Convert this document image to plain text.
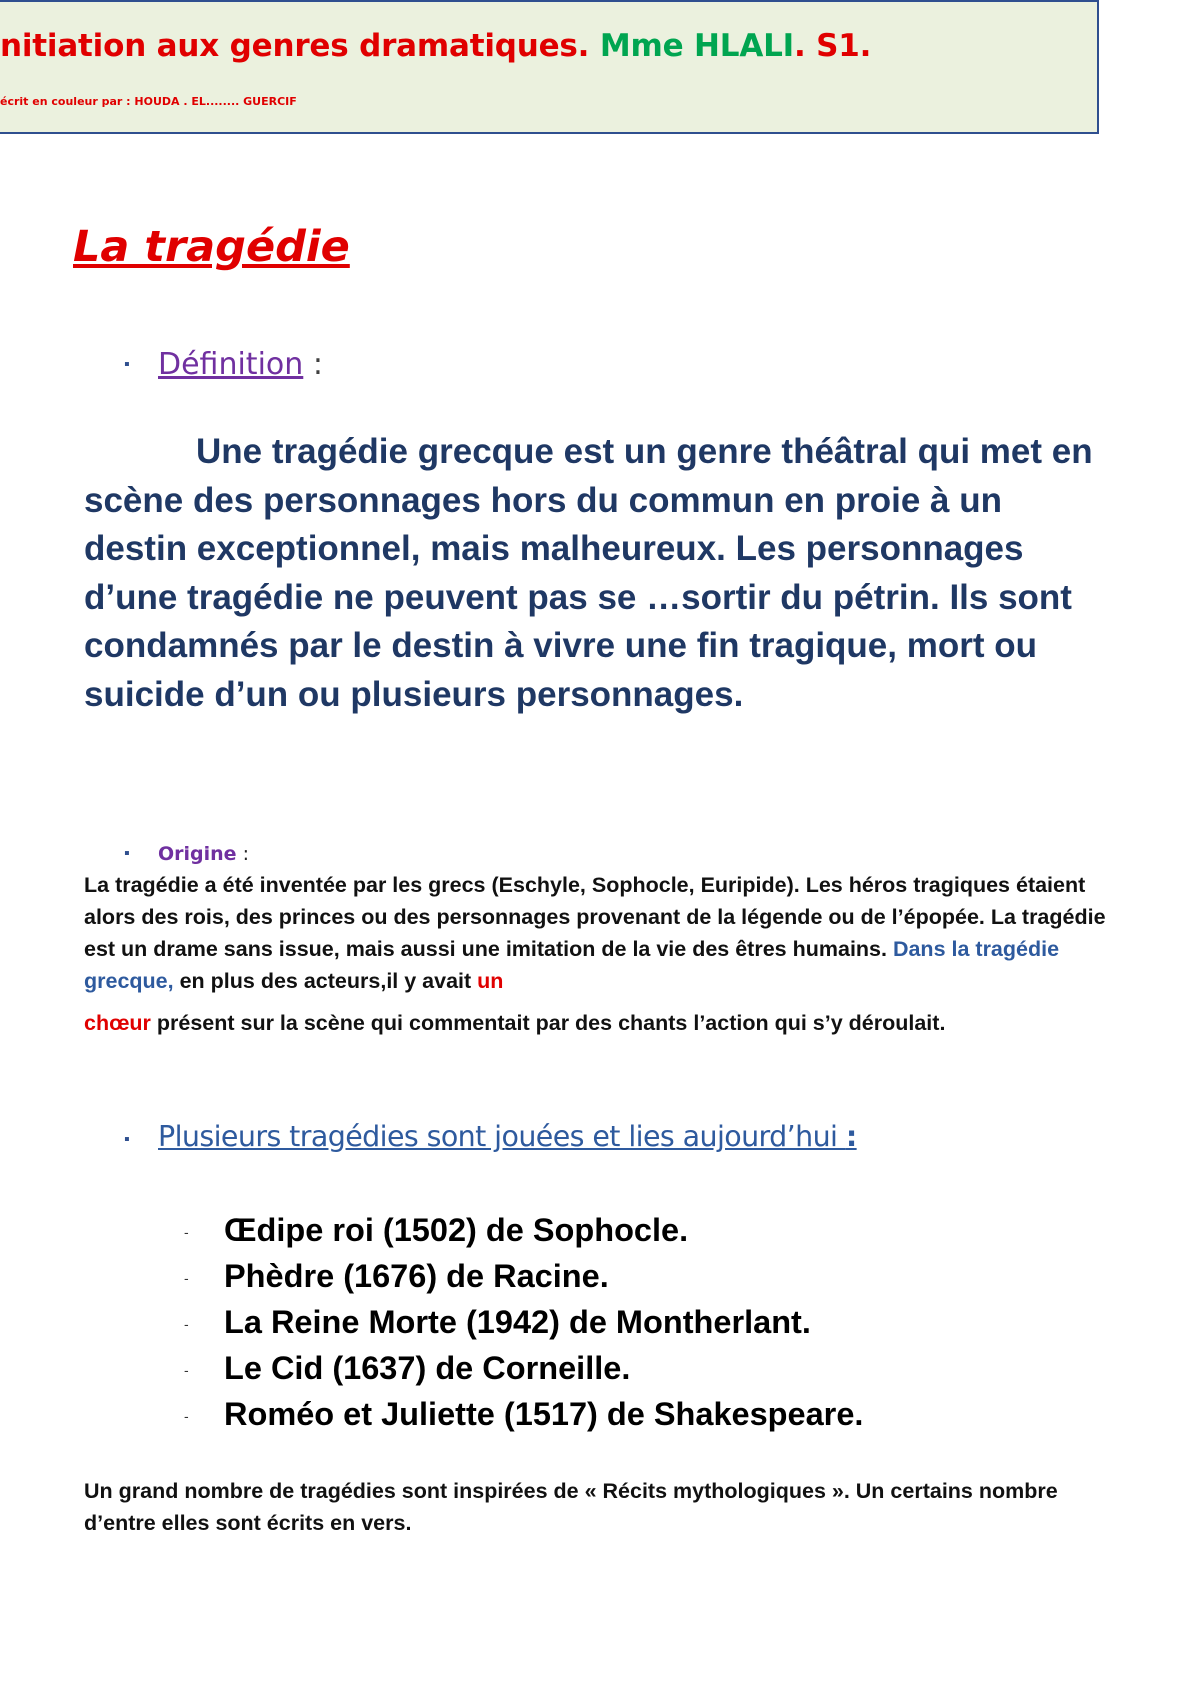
nitiation aux genres dramatiques. Mme HLALI. S1.
écrit en couleur par : HOUDA . EL........ GUERCIF
La tragédie
▪ Définition :
Une tragédie grecque est un genre théâtral qui met en scène des personnages hors du commun en proie à un destin exceptionnel, mais malheureux. Les personnages d’une tragédie ne peuvent pas se …sortir du pétrin. Ils sont condamnés par le destin à vivre une fin tragique, mort ou suicide d’un ou plusieurs personnages.
▪ Origine :
La tragédie a été inventée par les grecs (Eschyle, Sophocle, Euripide). Les héros tragiques étaient alors des rois, des princes ou des personnages provenant de la légende ou de l’épopée. La tragédie est un drame sans issue, mais aussi une imitation de la vie des êtres humains. Dans la tragédie grecque, en plus des acteurs,il y avait un
chœur présent sur la scène qui commentait par des chants l’action qui s’y déroulait.
▪ Plusieurs tragédies sont jouées et lies aujourd’hui :
- Œdipe roi (1502) de Sophocle.
- Phèdre (1676) de Racine.
- La Reine Morte (1942) de Montherlant.
- Le Cid (1637) de Corneille.
- Roméo et Juliette (1517) de Shakespeare.
Un grand nombre de tragédies sont inspirées de « Récits mythologiques ». Un certains nombre d’entre elles sont écrits en vers.
